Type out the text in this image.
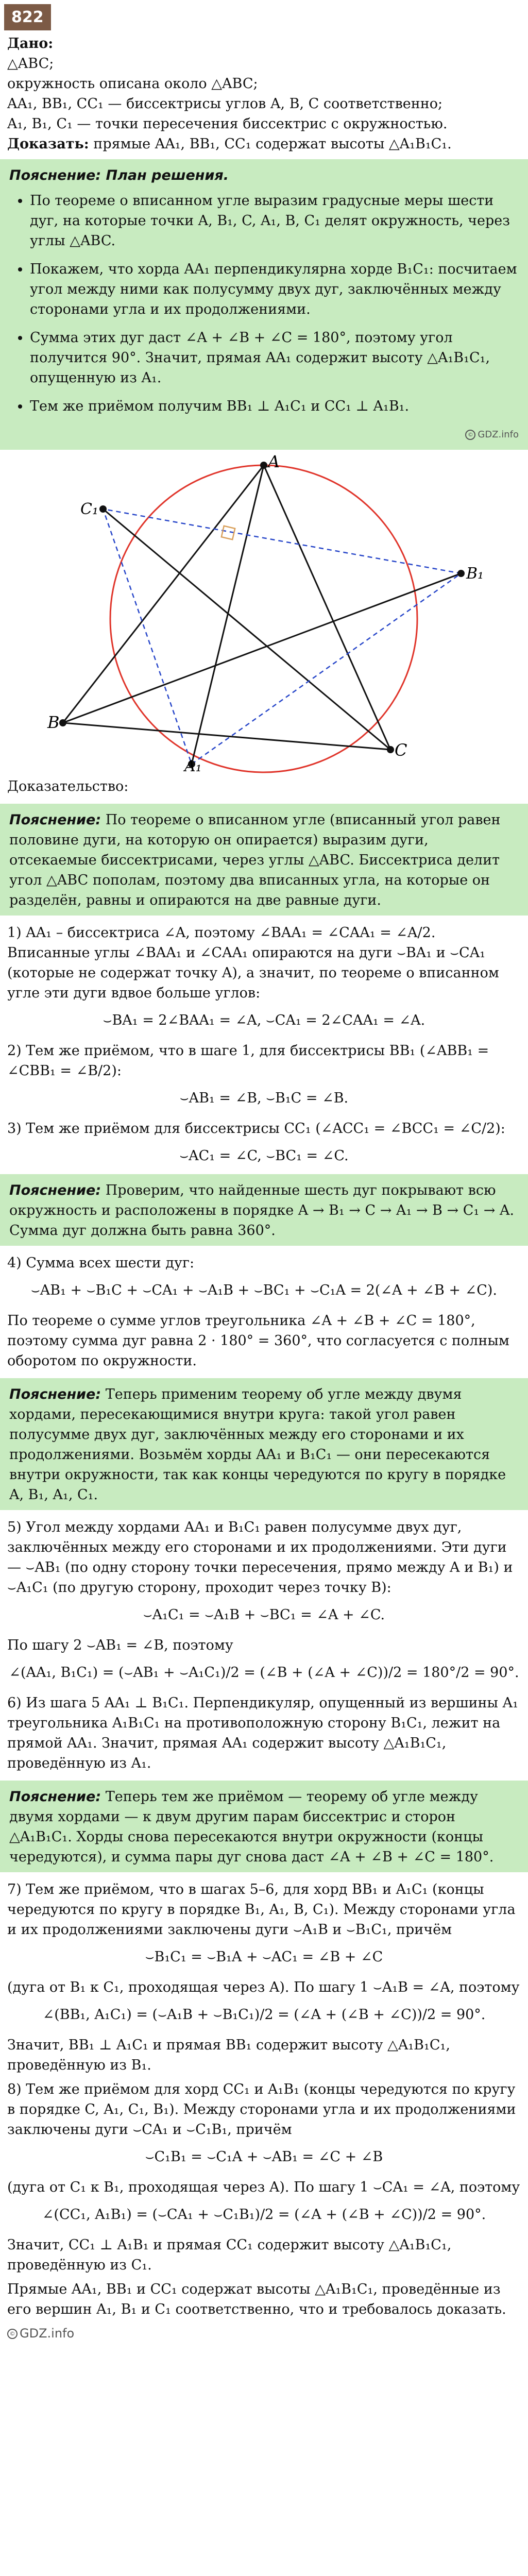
822
Дано:
△ABC;
окружность описана около △ABC;
AA₁, BB₁, CC₁ — биссектрисы углов A, B, C соответственно;
A₁, B₁, C₁ — точки пересечения биссектрис с окружностью.
Доказать: прямые AA₁, BB₁, CC₁ содержат высоты △A₁B₁C₁.
Пояснение: План решения.
• По теореме о вписанном угле выразим градусные меры шести дуг, на которые точки A, B₁, C, A₁, B, C₁ делят окружность, через углы △ABC.
• Покажем, что хорда AA₁ перпендикулярна хорде B₁C₁: посчитаем угол между ними как полусумму двух дуг, заключённых между сторонами угла и их продолжениями.
• Сумма этих дуг даст ∠A + ∠B + ∠C = 180°, поэтому угол получится 90°. Значит, прямая AA₁ содержит высоту △A₁B₁C₁, опущенную из A₁.
• Тем же приёмом получим BB₁ ⊥ A₁C₁ и CC₁ ⊥ A₁B₁.
© GDZ.info
A
B
C
A₁
B₁
C₁
Доказательство:
Пояснение: По теореме о вписанном угле (вписанный угол равен половине дуги, на которую он опирается) выразим дуги, отсекаемые биссектрисами, через углы △ABC. Биссектриса делит угол △ABC пополам, поэтому два вписанных угла, на которые он разделён, равны и опираются на две равные дуги.
1) AA₁ – биссектриса ∠A, поэтому ∠BAA₁ = ∠CAA₁ = ∠A/2. Вписанные углы ∠BAA₁ и ∠CAA₁ опираются на дуги ⌣BA₁ и ⌣CA₁ (которые не содержат точку A), а значит, по теореме о вписанном угле эти дуги вдвое больше углов:
⌣BA₁ = 2∠BAA₁ = ∠A, ⌣CA₁ = 2∠CAA₁ = ∠A.
2) Тем же приёмом, что в шаге 1, для биссектрисы BB₁ (∠ABB₁ = ∠CBB₁ = ∠B/2):
⌣AB₁ = ∠B, ⌣B₁C = ∠B.
3) Тем же приёмом для биссектрисы CC₁ (∠ACC₁ = ∠BCC₁ = ∠C/2):
⌣AC₁ = ∠C, ⌣BC₁ = ∠C.
Пояснение: Проверим, что найденные шесть дуг покрывают всю окружность и расположены в порядке A → B₁ → C → A₁ → B → C₁ → A. Сумма дуг должна быть равна 360°.
4) Сумма всех шести дуг:
⌣AB₁ + ⌣B₁C + ⌣CA₁ + ⌣A₁B + ⌣BC₁ + ⌣C₁A = 2(∠A + ∠B + ∠C).
По теореме о сумме углов треугольника ∠A + ∠B + ∠C = 180°, поэтому сумма дуг равна 2 · 180° = 360°, что согласуется с полным оборотом по окружности.
Пояснение: Теперь применим теорему об угле между двумя хордами, пересекающимися внутри круга: такой угол равен полусумме двух дуг, заключённых между его сторонами и их продолжениями. Возьмём хорды AA₁ и B₁C₁ — они пересекаются внутри окружности, так как концы чередуются по кругу в порядке A, B₁, A₁, C₁.
5) Угол между хордами AA₁ и B₁C₁ равен полусумме двух дуг, заключённых между его сторонами и их продолжениями. Эти дуги — ⌣AB₁ (по одну сторону точки пересечения, прямо между A и B₁) и ⌣A₁C₁ (по другую сторону, проходит через точку B):
⌣A₁C₁ = ⌣A₁B + ⌣BC₁ = ∠A + ∠C.
По шагу 2 ⌣AB₁ = ∠B, поэтому
∠(AA₁, B₁C₁) = (⌣AB₁ + ⌣A₁C₁)/2 = (∠B + (∠A + ∠C))/2 = 180°/2 = 90°.
6) Из шага 5 AA₁ ⊥ B₁C₁. Перпендикуляр, опущенный из вершины A₁ треугольника A₁B₁C₁ на противоположную сторону B₁C₁, лежит на прямой AA₁. Значит, прямая AA₁ содержит высоту △A₁B₁C₁, проведённую из A₁.
Пояснение: Теперь тем же приёмом — теорему об угле между двумя хордами — к двум другим парам биссектрис и сторон △A₁B₁C₁. Хорды снова пересекаются внутри окружности (концы чередуются), и сумма пары дуг снова даст ∠A + ∠B + ∠C = 180°.
7) Тем же приёмом, что в шагах 5–6, для хорд BB₁ и A₁C₁ (концы чередуются по кругу в порядке B₁, A₁, B, C₁). Между сторонами угла и их продолжениями заключены дуги ⌣A₁B и ⌣B₁C₁, причём
⌣B₁C₁ = ⌣B₁A + ⌣AC₁ = ∠B + ∠C
(дуга от B₁ к C₁, проходящая через A). По шагу 1 ⌣A₁B = ∠A, поэтому
∠(BB₁, A₁C₁) = (⌣A₁B + ⌣B₁C₁)/2 = (∠A + (∠B + ∠C))/2 = 90°.
Значит, BB₁ ⊥ A₁C₁ и прямая BB₁ содержит высоту △A₁B₁C₁, проведённую из B₁.
8) Тем же приёмом для хорд CC₁ и A₁B₁ (концы чередуются по кругу в порядке C, A₁, C₁, B₁). Между сторонами угла и их продолжениями заключены дуги ⌣CA₁ и ⌣C₁B₁, причём
⌣C₁B₁ = ⌣C₁A + ⌣AB₁ = ∠C + ∠B
(дуга от C₁ к B₁, проходящая через A). По шагу 1 ⌣CA₁ = ∠A, поэтому
∠(CC₁, A₁B₁) = (⌣CA₁ + ⌣C₁B₁)/2 = (∠A + (∠B + ∠C))/2 = 90°.
Значит, CC₁ ⊥ A₁B₁ и прямая CC₁ содержит высоту △A₁B₁C₁, проведённую из C₁.
Прямые AA₁, BB₁ и CC₁ содержат высоты △A₁B₁C₁, проведённые из его вершин A₁, B₁ и C₁ соответственно, что и требовалось доказать.
© GDZ.info
